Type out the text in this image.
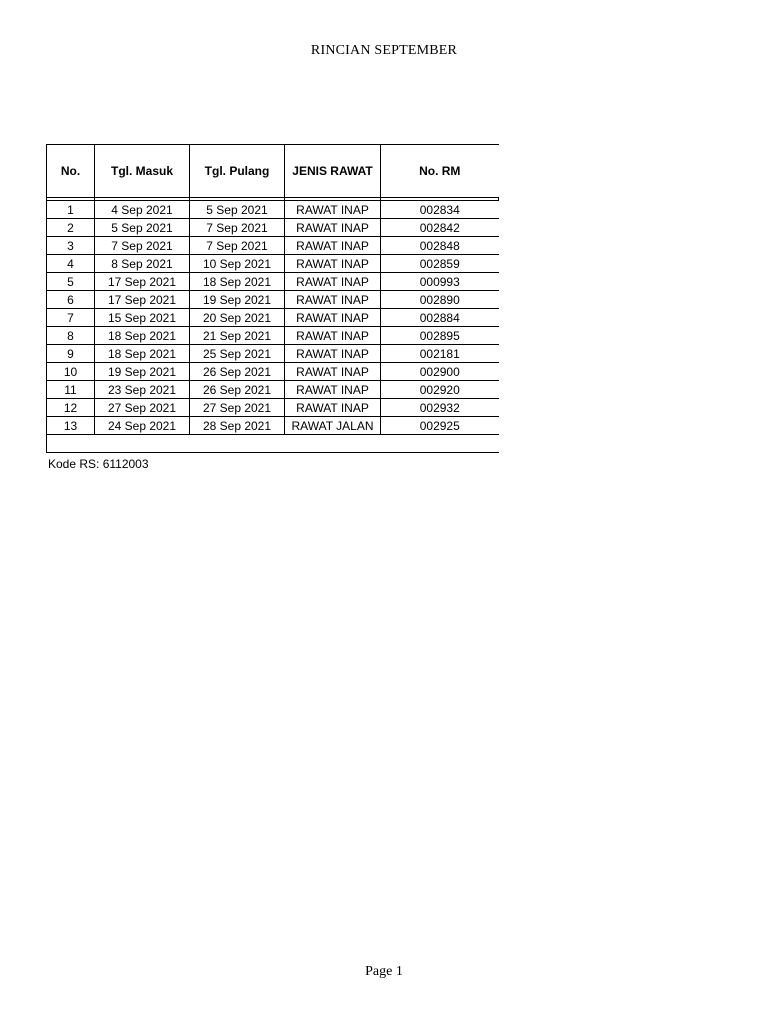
RINCIAN SEPTEMBER
No.	Tgl. Masuk	Tgl. Pulang	JENIS RAWAT	No. RM

1	4 Sep 2021	5 Sep 2021	RAWAT INAP	002834
2	5 Sep 2021	7 Sep 2021	RAWAT INAP	002842
3	7 Sep 2021	7 Sep 2021	RAWAT INAP	002848
4	8 Sep 2021	10 Sep 2021	RAWAT INAP	002859
5	17 Sep 2021	18 Sep 2021	RAWAT INAP	000993
6	17 Sep 2021	19 Sep 2021	RAWAT INAP	002890
7	15 Sep 2021	20 Sep 2021	RAWAT INAP	002884
8	18 Sep 2021	21 Sep 2021	RAWAT INAP	002895
9	18 Sep 2021	25 Sep 2021	RAWAT INAP	002181
10	19 Sep 2021	26 Sep 2021	RAWAT INAP	002900
11	23 Sep 2021	26 Sep 2021	RAWAT INAP	002920
12	27 Sep 2021	27 Sep 2021	RAWAT INAP	002932
13	24 Sep 2021	28 Sep 2021	RAWAT JALAN	002925

Kode RS: 6112003
Page 1
